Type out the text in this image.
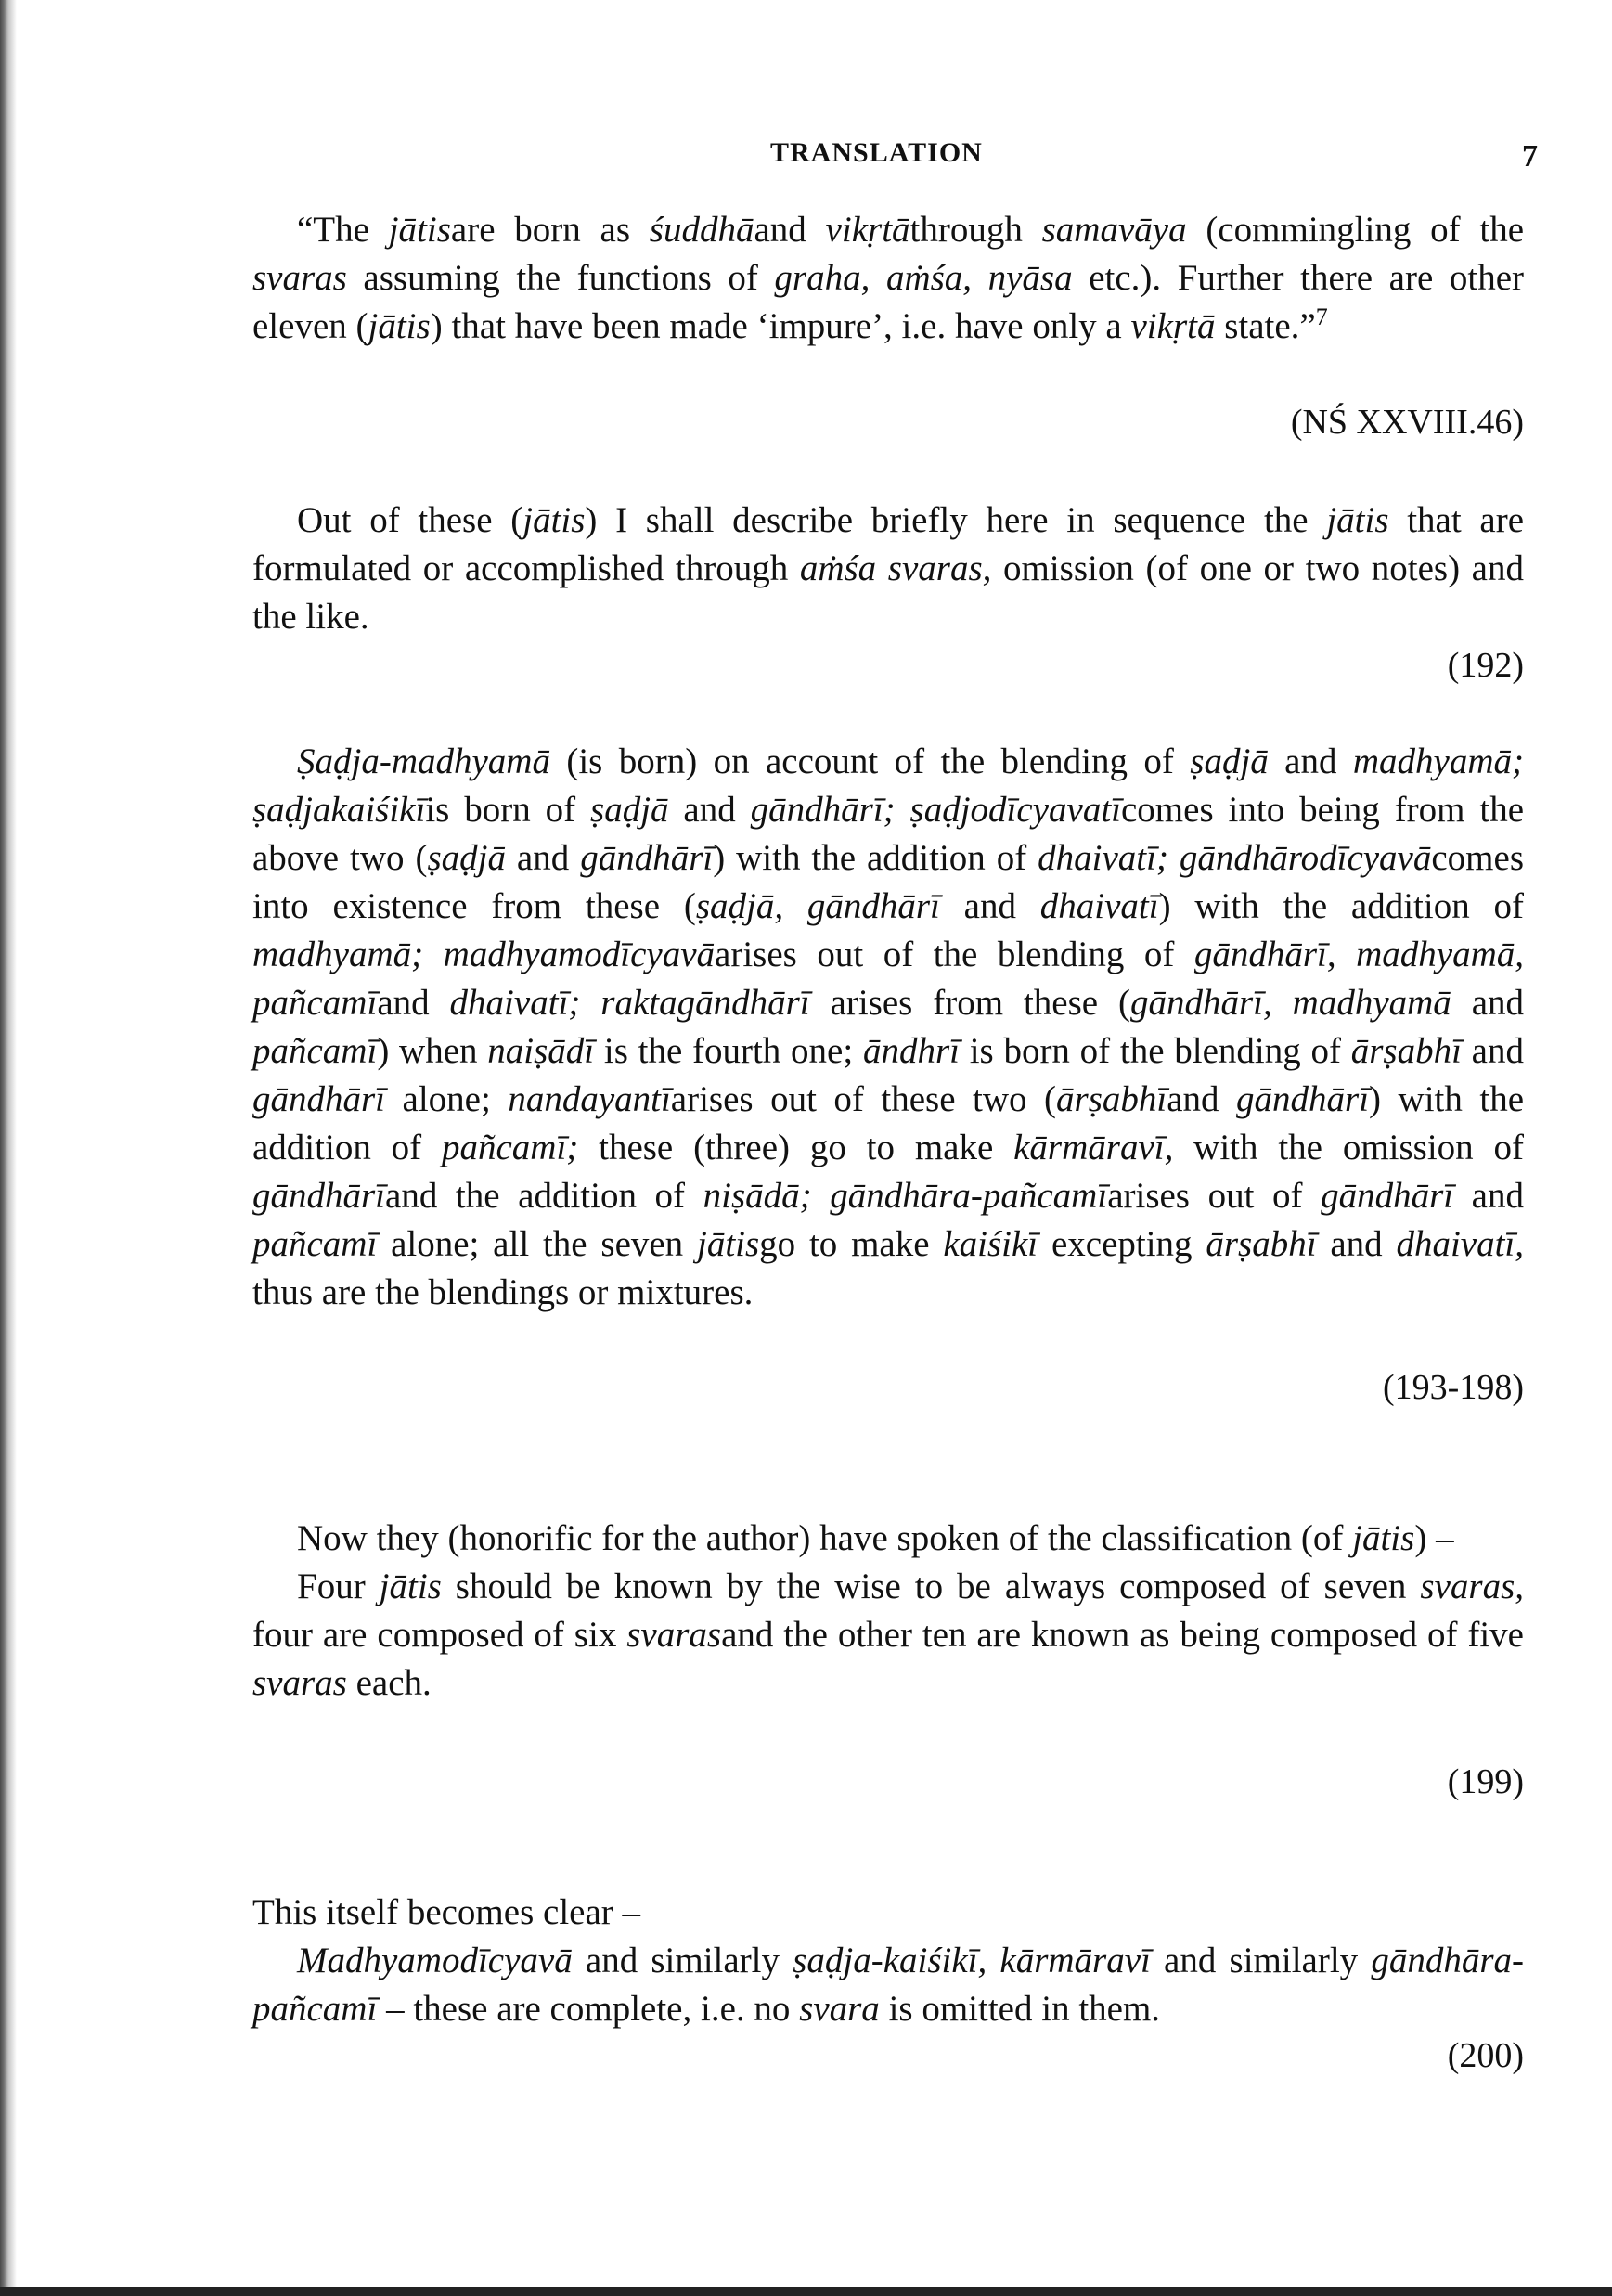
TRANSLATION	7

“The jātisare born as śuddhāand vikṛtāthrough samavāya (commingling of the svaras assuming the functions of graha, aṁśa, nyāsa etc.). Further there are other eleven (jātis) that have been made ‘impure’, i.e. have only a vikṛtā state.”$^7$

(NŚ XXVIII.46)

Out of these (jātis) I shall describe briefly here in sequence the jātis that are formulated or accomplished through aṁśa svaras, omission (of one or two notes) and the like.

(192)

Ṣaḍja-madhyamā (is born) on account of the blending of ṣaḍjā and madhyamā; ṣaḍjakaiśikīis born of ṣaḍjā and gāndhārī; ṣaḍjodīcyavatīcomes into being from the above two (ṣaḍjā and gāndhārī) with the addition of dhaivatī; gāndhārodīcyavācomes into existence from these (ṣaḍjā, gāndhārī and dhaivatī) with the addition of madhyamā; madhyamodīcyavāarises out of the blending of gāndhārī, madhyamā, pañcamīand dhaivatī; raktagāndhārī arises from these (gāndhārī, madhyamā and pañcamī) when naiṣādī is the fourth one; āndhrī is born of the blending of ārṣabhī and gāndhārī alone; nandayantīarises out of these two (ārṣabhīand gāndhārī) with the addition of pañcamī; these (three) go to make kārmāravī, with the omission of gāndhārīand the addition of niṣādā; gāndhāra-pañcamīarises out of gāndhārī and pañcamī alone; all the seven jātisgo to make kaiśikī excepting ārṣabhī and dhaivatī, thus are the blendings or mixtures.

(193-198)

Now they (honorific for the author) have spoken of the classification (of jātis) –

Four jātis should be known by the wise to be always composed of seven svaras, four are composed of six svarasand the other ten are known as being composed of five svaras each.

(199)

This itself becomes clear –

Madhyamodīcyavā and similarly ṣaḍja-kaiśikī, kārmāravī and similarly gāndhāra-pañcamī – these are complete, i.e. no svara is omitted in them.

(200)
